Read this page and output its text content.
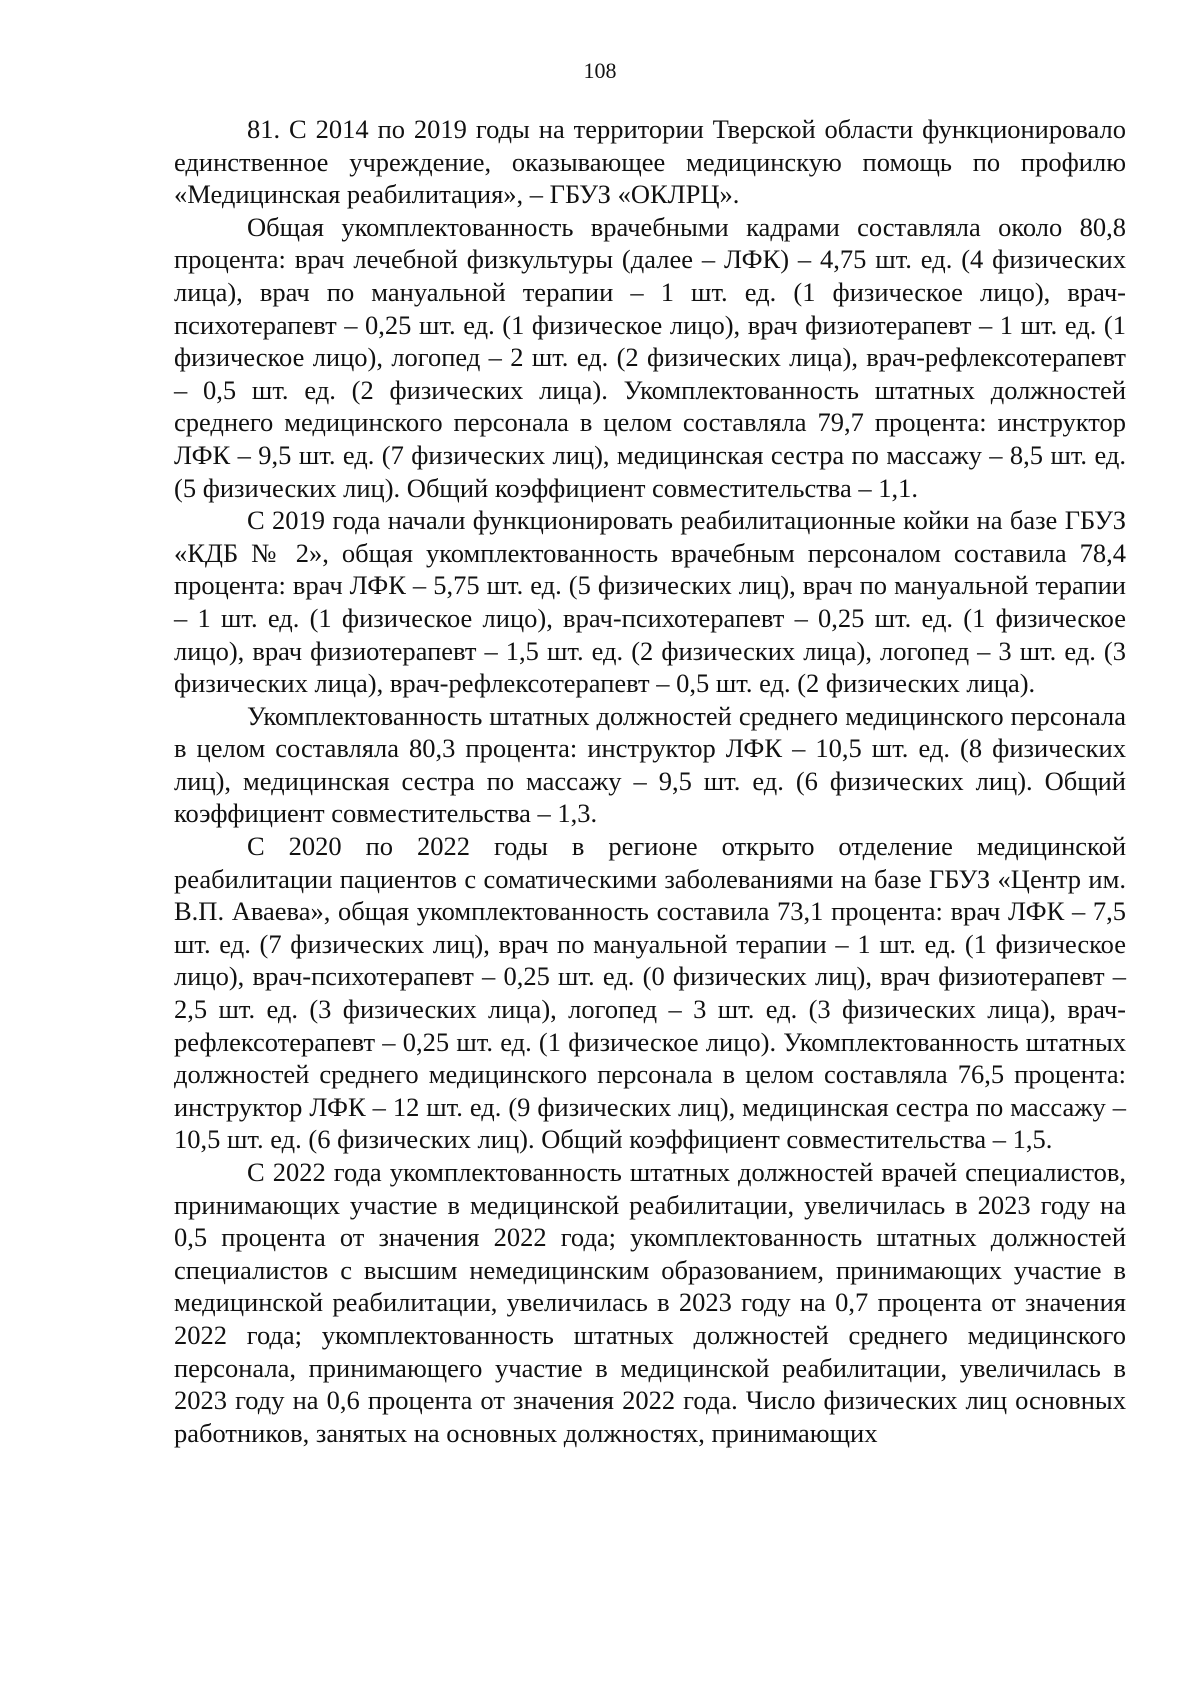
108

81. С 2014 по 2019 годы на территории Тверской области функционировало единственное учреждение, оказывающее медицинскую помощь по профилю «Медицинская реабилитация», – ГБУЗ «ОКЛРЦ».

Общая укомплектованность врачебными кадрами составляла около 80,8 процента: врач лечебной физкультуры (далее – ЛФК) – 4,75 шт. ед. (4 физических лица), врач по мануальной терапии – 1 шт. ед. (1 физическое лицо), врач-психотерапевт – 0,25 шт. ед. (1 физическое лицо), врач физиотерапевт – 1 шт. ед. (1 физическое лицо), логопед – 2 шт. ед. (2 физических лица), врач-рефлексотерапевт – 0,5 шт. ед. (2 физических лица). Укомплектованность штатных должностей среднего медицинского персонала в целом составляла 79,7 процента: инструктор ЛФК – 9,5 шт. ед. (7 физических лиц), медицинская сестра по массажу – 8,5 шт. ед. (5 физических лиц). Общий коэффициент совместительства – 1,1.

С 2019 года начали функционировать реабилитационные койки на базе ГБУЗ «КДБ № 2», общая укомплектованность врачебным персоналом составила 78,4 процента: врач ЛФК – 5,75 шт. ед. (5 физических лиц), врач по мануальной терапии – 1 шт. ед. (1 физическое лицо), врач-психотерапевт – 0,25 шт. ед. (1 физическое лицо), врач физиотерапевт – 1,5 шт. ед. (2 физических лица), логопед – 3 шт. ед. (3 физических лица), врач-рефлексотерапевт – 0,5 шт. ед. (2 физических лица).

Укомплектованность штатных должностей среднего медицинского персонала в целом составляла 80,3 процента: инструктор ЛФК – 10,5 шт. ед. (8 физических лиц), медицинская сестра по массажу – 9,5 шт. ед. (6 физических лиц). Общий коэффициент совместительства – 1,3.

С 2020 по 2022 годы в регионе открыто отделение медицинской реабилитации пациентов с соматическими заболеваниями на базе ГБУЗ «Центр им. В.П. Аваева», общая укомплектованность составила 73,1 процента: врач ЛФК – 7,5 шт. ед. (7 физических лиц), врач по мануальной терапии – 1 шт. ед. (1 физическое лицо), врач-психотерапевт – 0,25 шт. ед. (0 физических лиц), врач физиотерапевт – 2,5 шт. ед. (3 физических лица), логопед – 3 шт. ед. (3 физических лица), врач-рефлексотерапевт – 0,25 шт. ед. (1 физическое лицо). Укомплектованность штатных должностей среднего медицинского персонала в целом составляла 76,5 процента: инструктор ЛФК – 12 шт. ед. (9 физических лиц), медицинская сестра по массажу – 10,5 шт. ед. (6 физических лиц). Общий коэффициент совместительства – 1,5.

С 2022 года укомплектованность штатных должностей врачей специалистов, принимающих участие в медицинской реабилитации, увеличилась в 2023 году на 0,5 процента от значения 2022 года; укомплектованность штатных должностей специалистов с высшим немедицинским образованием, принимающих участие в медицинской реабилитации, увеличилась в 2023 году на 0,7 процента от значения 2022 года; укомплектованность штатных должностей среднего медицинского персонала, принимающего участие в медицинской реабилитации, увеличилась в 2023 году на 0,6 процента от значения 2022 года. Число физических лиц основных работников, занятых на основных должностях, принимающих
